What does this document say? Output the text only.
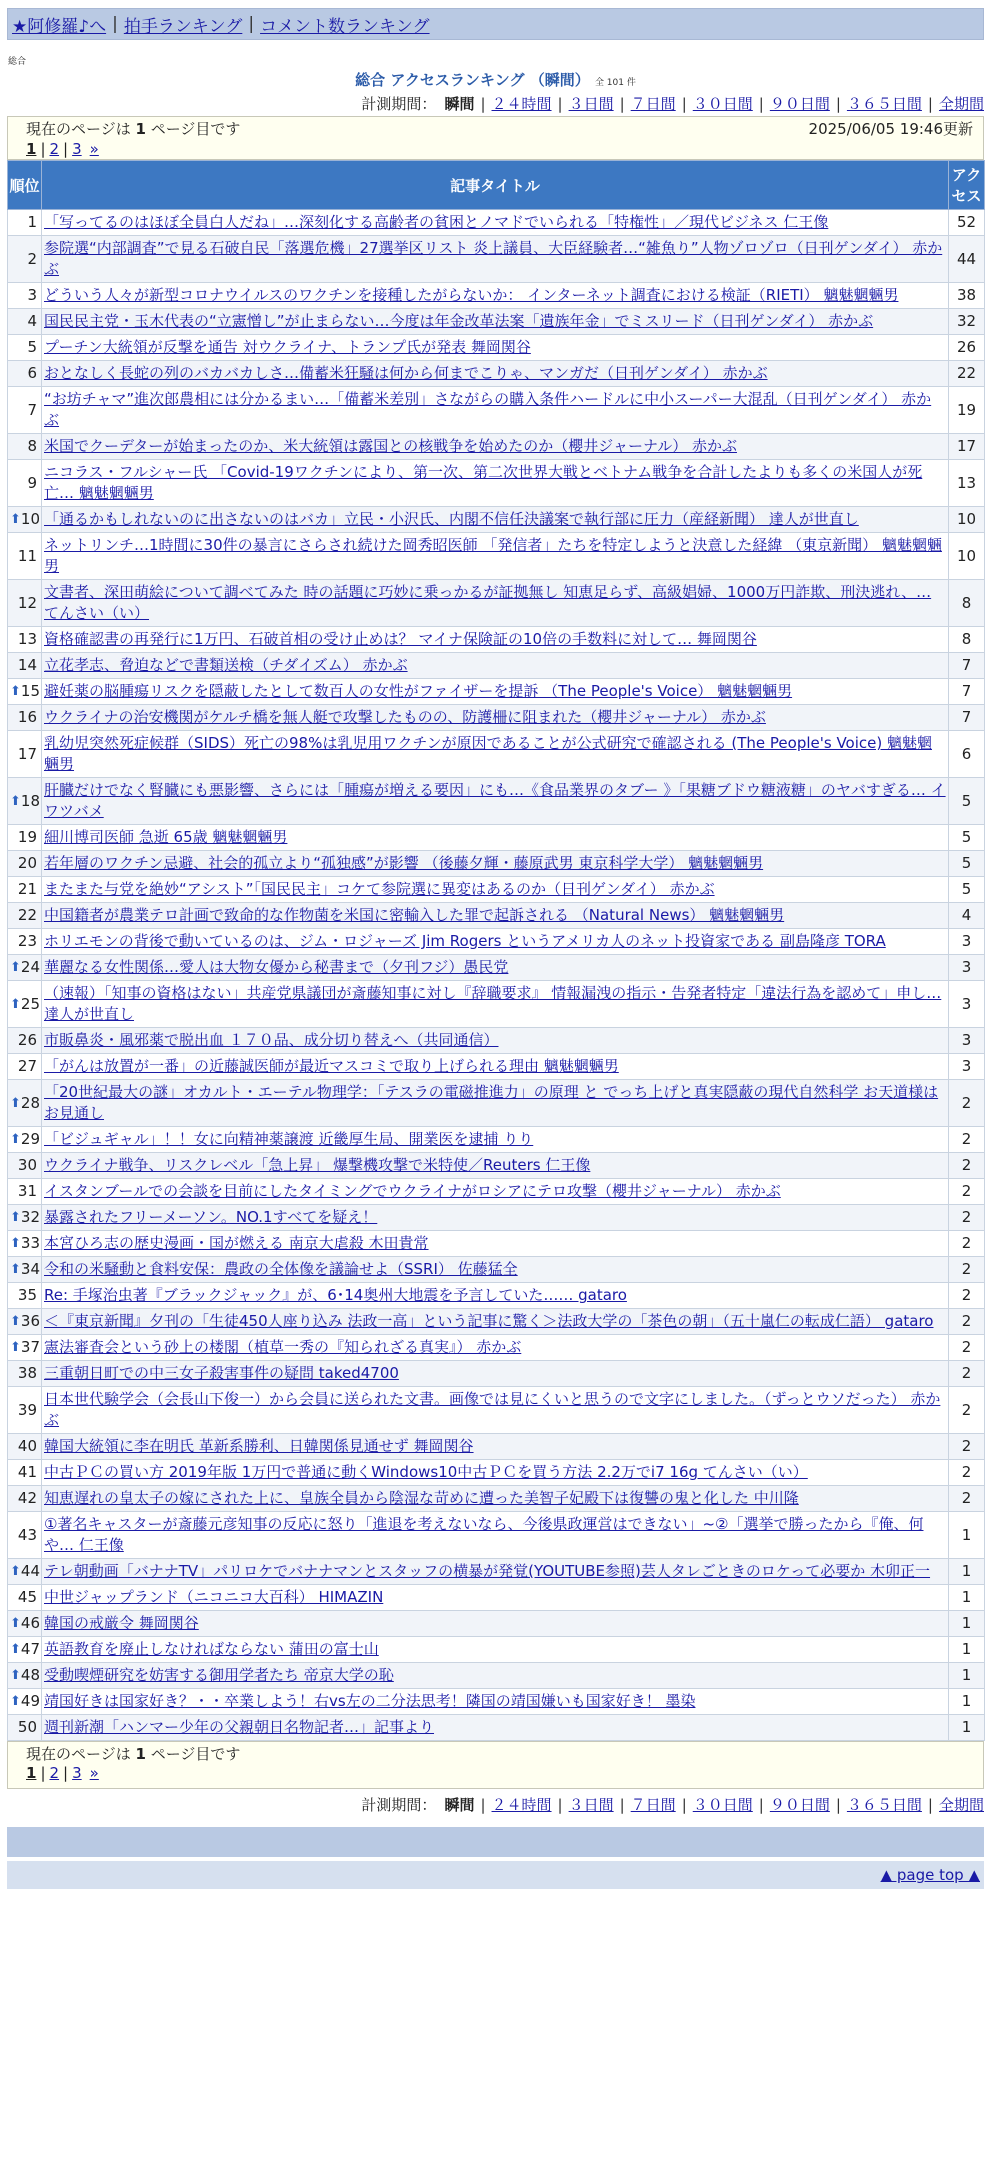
★阿修羅♪へ | 拍手ランキング | コメント数ランキング
総合
総合 アクセスランキング （瞬間） 全 101 件
計測期間： 瞬間 | ２４時間 | ３日間 | ７日間 | ３０日間 | ９０日間 | ３６５日間 | 全期間
現在のページは 1 ページ目です	2025/06/05 19:46更新
1 | 2 | 3 »
順位	記事タイトル	アクセス
1	「写ってるのはほぼ全員白人だね」…深刻化する高齢者の貧困とノマドでいられる「特権性」／現代ビジネス 仁王像	52
2	参院選“内部調査”で見る石破自民「落選危機」27選挙区リスト 炎上議員、大臣経験者…“雑魚り”人物ゾロゾロ（日刊ゲンダイ） 赤かぶ	44
3	どういう人々が新型コロナウイルスのワクチンを接種したがらないか： インターネット調査における検証（RIETI） 魑魅魍魎男	38
4	国民民主党・玉木代表の“立憲憎し”が止まらない…今度は年金改革法案「遺族年金」でミスリード（日刊ゲンダイ） 赤かぶ	32
5	プーチン大統領が反撃を通告 対ウクライナ、トランプ氏が発表 舞岡関谷	26
6	おとなしく長蛇の列のバカバカしさ…備蓄米狂騒は何から何までこりゃ、マンガだ（日刊ゲンダイ） 赤かぶ	22
7	“お坊チャマ”進次郎農相には分かるまい…「備蓄米差別」さながらの購入条件ハードルに中小スーパー大混乱（日刊ゲンダイ） 赤かぶ	19
8	米国でクーデターが始まったのか、米大統領は露国との核戦争を始めたのか（櫻井ジャーナル） 赤かぶ	17
9	ニコラス・フルシャー氏 「Covid-19ワクチンにより、第一次、第二次世界大戦とベトナム戦争を合計したよりも多くの米国人が死亡… 魑魅魍魎男	13

⬆ 10	「通るかもしれないのに出さないのはバカ」立民・小沢氏、内閣不信任決議案で執行部に圧力（産経新聞） 達人が世直し	10
11	ネットリンチ…1時間に30件の暴言にさらされ続けた岡秀昭医師 「発信者」たちを特定しようと決意した経緯 （東京新聞） 魑魅魍魎男	10
12	文書者、深田萌絵について調べてみた 時の話題に巧妙に乗っかるが証拠無し 知恵足らず、高級娼婦、1000万円詐欺、刑決逃れ、… てんさい（い）	8
13	資格確認書の再発行に1万円、石破首相の受け止めは？ マイナ保険証の10倍の手数料に対して… 舞岡関谷	8
14	立花孝志、脅迫などで書類送検（チダイズム） 赤かぶ	7

⬆ 15	避妊薬の脳腫瘍リスクを隠蔽したとして数百人の女性がファイザーを提訴 （The People's Voice） 魑魅魍魎男	7
16	ウクライナの治安機関がケルチ橋を無人艇で攻撃したものの、防護柵に阻まれた（櫻井ジャーナル） 赤かぶ	7
17	乳幼児突然死症候群（SIDS）死亡の98%は乳児用ワクチンが原因であることが公式研究で確認される (The People's Voice) 魑魅魍魎男	6

⬆ 18	肝臓だけでなく腎臓にも悪影響、さらには「腫瘍が増える要因」にも…《食品業界のタブー 》「果糖ブドウ糖液糖」のヤバすぎる… イワツバメ	5
19	細川博司医師 急逝 65歳 魑魅魍魎男	5
20	若年層のワクチン忌避、社会的孤立より“孤独感”が影響 （後藤夕輝・藤原武男 東京科学大学） 魑魅魍魎男	5
21	またまた与党を絶妙“アシスト”「国民民主」コケて参院選に異変はあるのか（日刊ゲンダイ） 赤かぶ	5
22	中国籍者が農業テロ計画で致命的な作物菌を米国に密輸入した罪で起訴される （Natural News） 魑魅魍魎男	4
23	ホリエモンの背後で動いているのは、ジム・ロジャーズ Jim Rogers というアメリカ人のネット投資家である 副島隆彦 TORA	3

⬆ 24	華麗なる女性関係…愛人は大物女優から秘書まで（夕刊フジ）愚民党	3

⬆ 25	（速報）「知事の資格はない」共産党県議団が斎藤知事に対し『辞職要求』 情報漏洩の指示・告発者特定「違法行為を認めて」申し… 達人が世直し	3
26	市販鼻炎・風邪薬で脱出血 １７０品、成分切り替えへ（共同通信）	3
27	「がんは放置が一番」の近藤誠医師が最近マスコミで取り上げられる理由 魑魅魍魎男	3

⬆ 28	「20世紀最大の謎」オカルト・エーテル物理学：「テスラの電磁推進力」の原理 と でっち上げと真実隠蔽の現代自然科学 お天道様はお見通し	2

⬆ 29	「ビジュギャル」！！女に向精神薬譲渡 近畿厚生局、開業医を逮捕 りり	2
30	ウクライナ戦争、リスクレベル「急上昇」 爆撃機攻撃で米特使／Reuters 仁王像	2
31	イスタンブールでの会談を目前にしたタイミングでウクライナがロシアにテロ攻撃（櫻井ジャーナル） 赤かぶ	2

⬆ 32	暴露されたフリーメーソン。NO.1すべてを疑え！	2

⬆ 33	本宮ひろ志の歴史漫画・国が燃える 南京大虐殺 木田貴常	2

⬆ 34	令和の米騒動と食料安保：農政の全体像を議論せよ（SSRI） 佐藤猛全	2
35	Re: 手塚治虫著『ブラックジャック』が、6･14奥州大地震を予言していた…… gataro	2

⬆ 36	＜『東京新聞』夕刊の「生徒450人座り込み 法政一高」という記事に驚く＞法政大学の「茶色の朝」（五十嵐仁の転成仁語） gataro	2

⬆ 37	憲法審査会という砂上の楼閣（植草一秀の『知られざる真実』） 赤かぶ	2
38	三重朝日町での中三女子殺害事件の疑問 taked4700	2
39	日本世代験学会（会長山下俊一）から会員に送られた文書。画像では見にくいと思うので文字にしました。（ずっとウソだった） 赤かぶ	2
40	韓国大統領に李在明氏 革新系勝利、日韓関係見通せず 舞岡関谷	2
41	中古ＰＣの買い方 2019年版 1万円で普通に動くWindows10中古ＰＣを買う方法 2.2万でi7 16g てんさい（い）	2
42	知恵遅れの皇太子の嫁にされた上に、皇族全員から陰湿な苛めに遭った美智子妃殿下は復讐の鬼と化した 中川隆	2
43	①著名キャスターが斎藤元彦知事の反応に怒り「進退を考えないなら、今後県政運営はできない」~②「選挙で勝ったから『俺、何や… 仁王像	1

⬆ 44	テレ朝動画「バナナTV」パリロケでバナナマンとスタッフの横暴が発覚(YOUTUBE参照)芸人タレごときのロケって必要か 木卯正一	1
45	中世ジャップランド（ニコニコ大百科） HIMAZIN	1

⬆ 46	韓国の戒厳令 舞岡関谷	1

⬆ 47	英語教育を廃止しなければならない 蒲田の富士山	1

⬆ 48	受動喫煙研究を妨害する御用学者たち 帝京大学の恥	1

⬆ 49	靖国好きは国家好き？・・卒業しよう！右vs左の二分法思考！隣国の靖国嫌いも国家好き！ 墨染	1
50	週刊新潮「ハンマー少年の父親朝日名物記者…」記事より	1
現在のページは 1 ページ目です
1 | 2 | 3 »
計測期間： 瞬間 | ２４時間 | ３日間 | ７日間 | ３０日間 | ９０日間 | ３６５日間 | 全期間
▲ page top ▲
